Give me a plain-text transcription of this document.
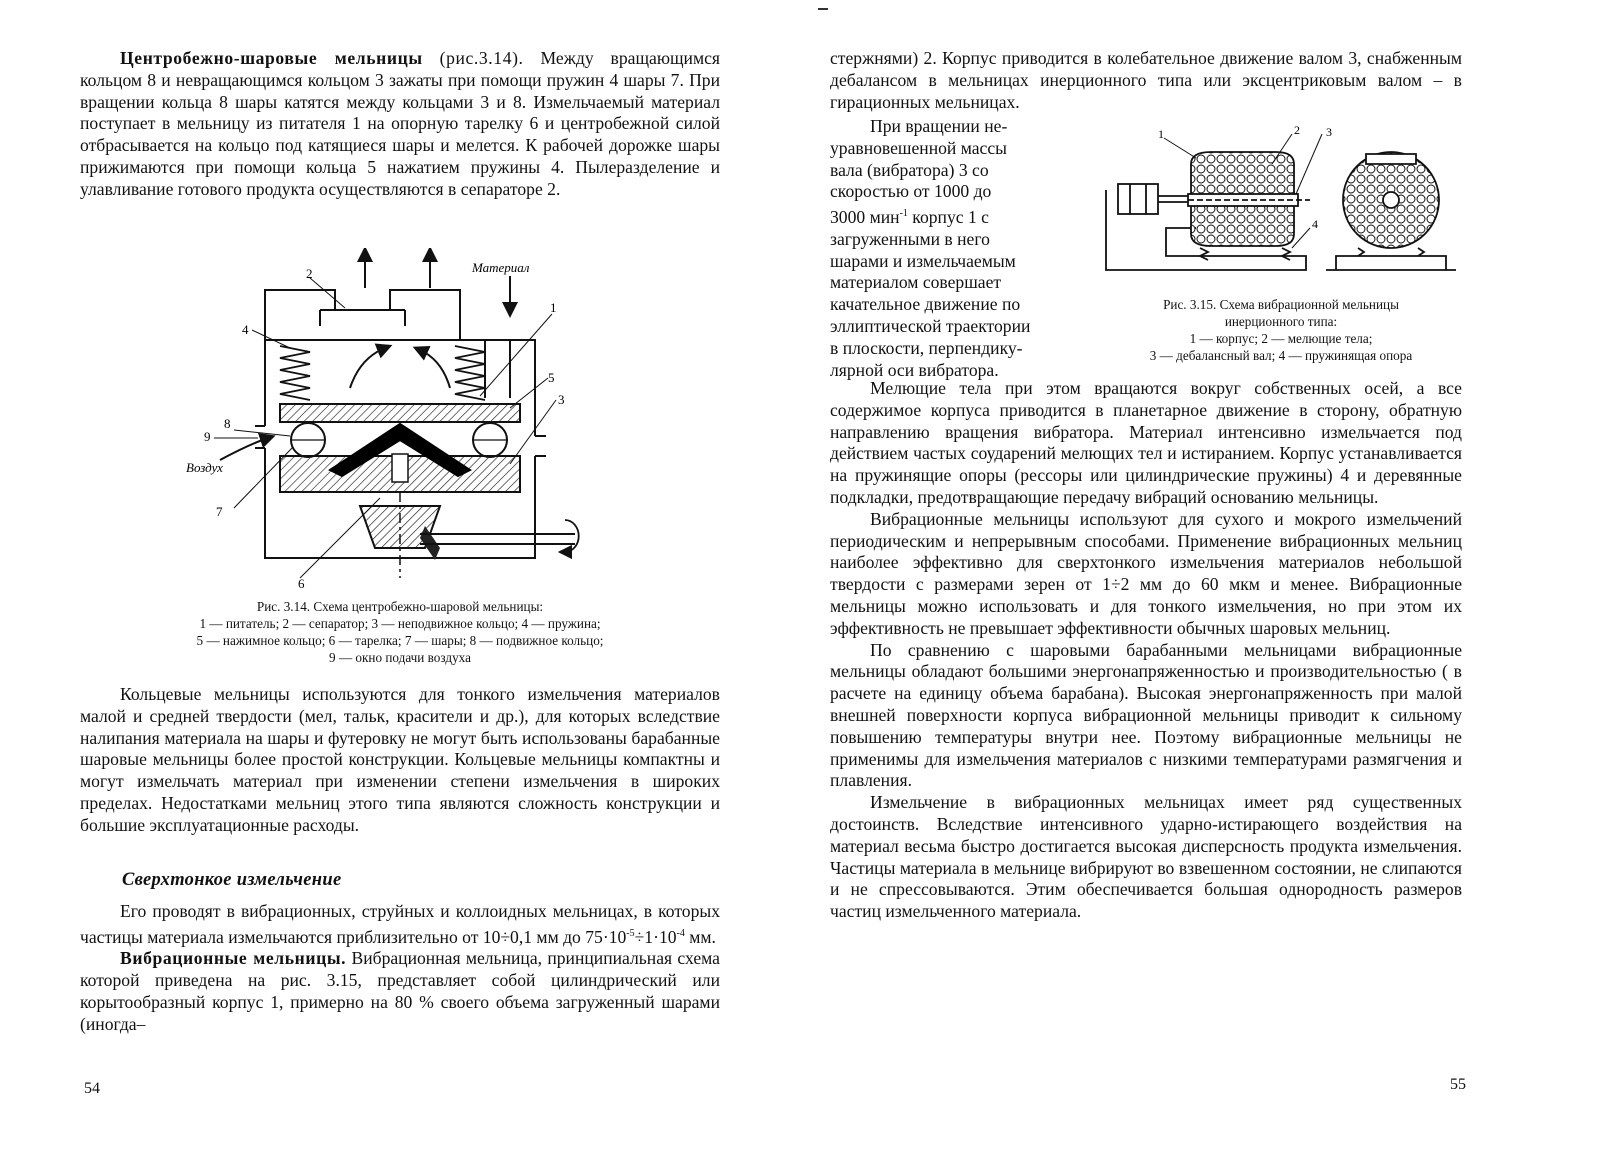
Центробежно-шаровые мельницы (рис.3.14). Между вращающимся кольцом 8 и невращающимся кольцом 3 зажаты при помощи пружин 4 шары 7. При вращении кольца 8 шары катятся между кольцами 3 и 8. Измельчаемый материал поступает в мельницу из питателя 1 на опорную тарелку 6 и центробежной силой отбрасывается на кольцо под катящиеся шары и мелется. К рабочей дорожке шары прижимаются при помощи кольца 5 нажатием пружины 4. Пылеразделение и улавливание готового продукта осуществляются в сепараторе 2.

Материал
Воздух
1
2
3
4
5
6
7
8
9
Рис. 3.14. Схема центробежно-шаровой мельницы:
1 — питатель; 2 — сепаратор; 3 — неподвижное кольцо; 4 — пружина;
5 — нажимное кольцо; 6 — тарелка; 7 — шары; 8 — подвижное кольцо;
9 — окно подачи воздуха

Кольцевые мельницы используются для тонкого измельчения материалов малой и средней твердости (мел, тальк, красители и др.), для которых вследствие налипания материала на шары и футеровку не могут быть использованы барабанные шаровые мельницы более простой конструкции. Кольцевые мельницы компактны и могут измельчать материал при изменении степени измельчения в широких пределах. Недостатками мельниц этого типа являются сложность конструкции и большие эксплуатационные расходы.

Сверхтонкое измельчение

Его проводят в вибрационных, струйных и коллоидных мельницах, в которых частицы материала измельчаются приблизительно от 10÷0,1 мм до $75\cdot 10^{-5}\div 1\cdot 10^{-4}$ мм.

Вибрационные мельницы. Вибрационная мельница, принципиальная схема которой приведена на рис. 3.15, представляет собой цилиндрический или корытообразный корпус 1, примерно на 80 % своего объема загруженный шарами (иногда–

54

стержнями) 2. Корпус приводится в колебательное движение валом 3, снабженным дебалансом в мельницах инерционного типа или эксцентриковым валом – в гирационных мельницах.

При вращении не-
уравновешенной массы
вала (вибратора) 3 со
скоростью от 1000 до
3000 мин$^{-1}$ корпус 1 с
загруженными в него
шарами и измельчаемым
материалом совершает
качательное движение по
эллиптической траектории
в плоскости, перпендику-
лярной оси вибратора.
1	2 3
4
Рис. 3.15. Схема вибрационной мельницы
инерционного типа:
1 — корпус; 2 — мелющие тела;
3 — дебалансный вал; 4 — пружинящая опора

Мелющие тела при этом вращаются вокруг собственных осей, а все содержимое корпуса приводится в планетарное движение в сторону, обратную направлению вращения вибратора. Материал интенсивно измельчается под действием частых соударений мелющих тел и истиранием. Корпус устанавливается на пружинящие опоры (рессоры или цилиндрические пружины) 4 и деревянные подкладки, предотвращающие передачу вибраций основанию мельницы.

Вибрационные мельницы используют для сухого и мокрого измельчений периодическим и непрерывным способами. Применение вибрационных мельниц наиболее эффективно для сверхтонкого измельчения материалов небольшой твердости с размерами зерен от 1÷2 мм до 60 мкм и менее. Вибрационные мельницы можно использовать и для тонкого измельчения, но при этом их эффективность не превышает эффективности обычных шаровых мельниц.

По сравнению с шаровыми барабанными мельницами вибрационные мельницы обладают большими энергонапряженностью и производительностью ( в расчете на единицу объема барабана). Высокая энергонапряженность при малой внешней поверхности корпуса вибрационной мельницы приводит к сильному повышению температуры внутри нее. Поэтому вибрационные мельницы не применимы для измельчения материалов с низкими температурами размягчения и плавления.

Измельчение в вибрационных мельницах имеет ряд существенных достоинств. Вследствие интенсивного ударно-истирающего воздействия на материал весьма быстро достигается высокая дисперсность продукта измельчения. Частицы материала в мельнице вибрируют во взвешенном состоянии, не слипаются и не спрессовываются. Этим обеспечивается большая однородность размеров частиц измельченного материала.

55
